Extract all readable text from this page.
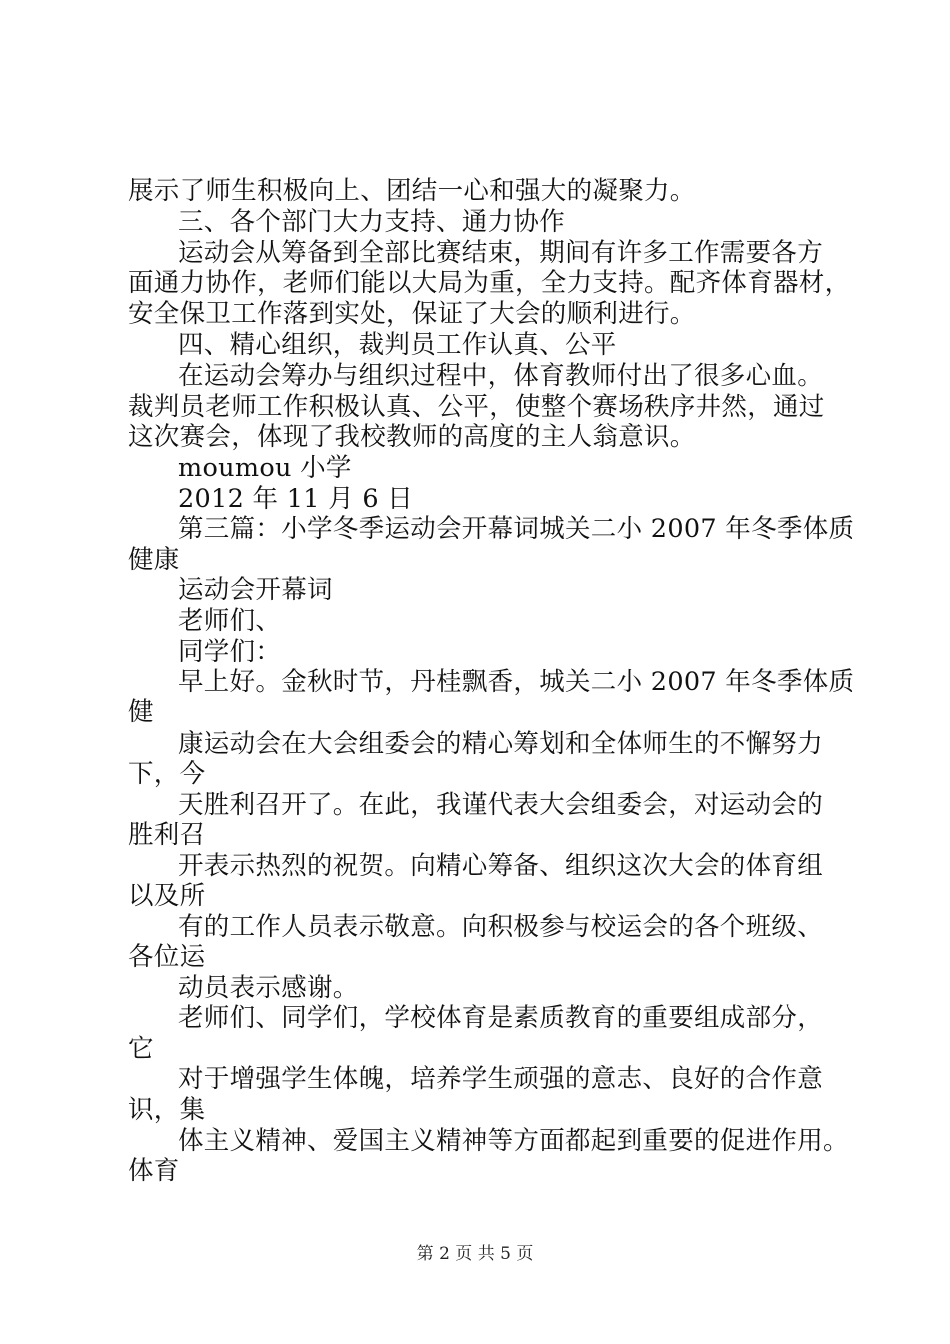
展示了师生积极向上、团结一心和强大的凝聚力。
三、各个部门大力支持、通力协作
运动会从筹备到全部比赛结束，期间有许多工作需要各方
面通力协作，老师们能以大局为重，全力支持。配齐体育器材，
安全保卫工作落到实处，保证了大会的顺利进行。
四、精心组织，裁判员工作认真、公平
在运动会筹办与组织过程中，体育教师付出了很多心血。
裁判员老师工作积极认真、公平，使整个赛场秩序井然，通过
这次赛会，体现了我校教师的高度的主人翁意识。
moumou 小学
2012 年 11 月 6 日
第三篇：小学冬季运动会开幕词城关二小 2007 年冬季体质
健康
运动会开幕词
老师们、
同学们：
早上好。金秋时节，丹桂飘香，城关二小 2007 年冬季体质
健
康运动会在大会组委会的精心筹划和全体师生的不懈努力
下，今
天胜利召开了。在此，我谨代表大会组委会，对运动会的
胜利召
开表示热烈的祝贺。向精心筹备、组织这次大会的体育组
以及所
有的工作人员表示敬意。向积极参与校运会的各个班级、
各位运
动员表示感谢。
老师们、同学们，学校体育是素质教育的重要组成部分，
它
对于增强学生体魄，培养学生顽强的意志、良好的合作意
识，集
体主义精神、爱国主义精神等方面都起到重要的促进作用。
体育
第 2 页 共 5 页
